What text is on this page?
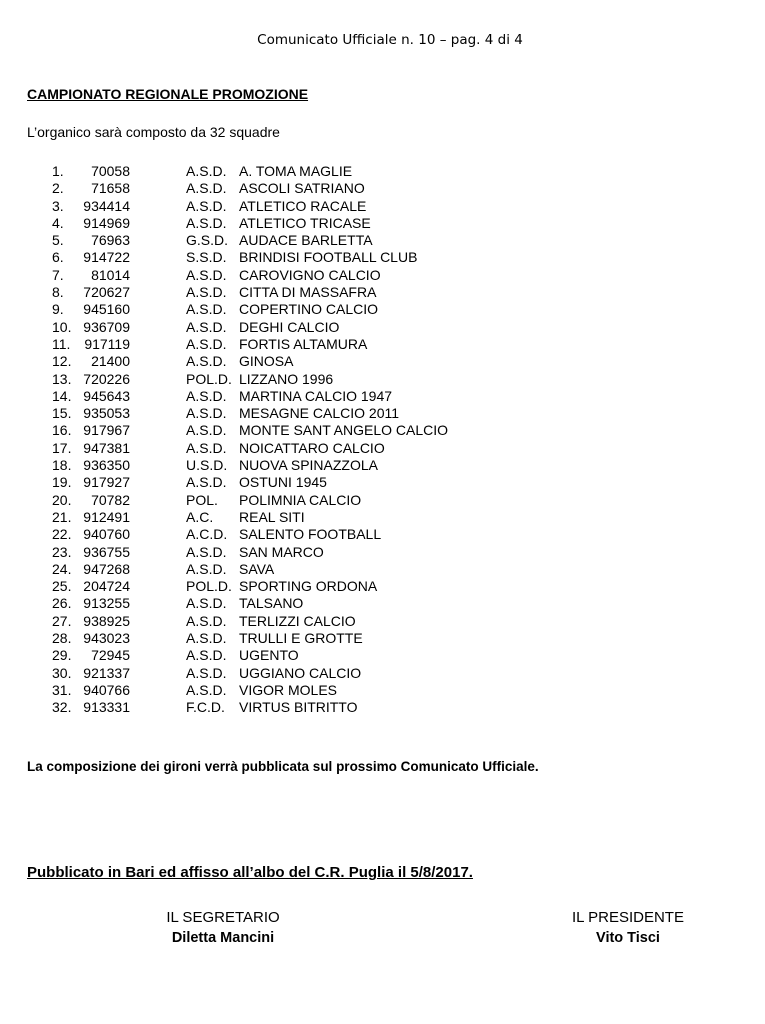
Comunicato Ufficiale n. 10 – pag. 4 di 4
CAMPIONATO REGIONALE PROMOZIONE
L’organico sarà composto da 32 squadre
1.	70058	A.S.D. A. TOMA MAGLIE
2.	71658	A.S.D. ASCOLI SATRIANO
3.	934414	A.S.D. ATLETICO RACALE
4.	914969	A.S.D. ATLETICO TRICASE
5.	76963	G.S.D. AUDACE BARLETTA
6.	914722	S.S.D. BRINDISI FOOTBALL CLUB
7.	81014	A.S.D. CAROVIGNO CALCIO
8.	720627	A.S.D. CITTA DI MASSAFRA
9.	945160	A.S.D. COPERTINO CALCIO
10. 936709	A.S.D. DEGHI CALCIO
11. 917119	A.S.D. FORTIS ALTAMURA
12.	21400	A.S.D. GINOSA
13. 720226	POL.D. LIZZANO 1996
14. 945643	A.S.D. MARTINA CALCIO 1947
15. 935053	A.S.D. MESAGNE CALCIO 2011
16. 917967	A.S.D. MONTE SANT ANGELO CALCIO
17. 947381	A.S.D. NOICATTARO CALCIO
18. 936350	U.S.D. NUOVA SPINAZZOLA
19. 917927	A.S.D. OSTUNI 1945
20.	70782	POL. POLIMNIA CALCIO
21. 912491	A.C. REAL SITI
22. 940760	A.C.D. SALENTO FOOTBALL
23. 936755	A.S.D. SAN MARCO
24. 947268	A.S.D. SAVA
25. 204724	POL.D. SPORTING ORDONA
26. 913255	A.S.D. TALSANO
27. 938925	A.S.D. TERLIZZI CALCIO
28. 943023	A.S.D. TRULLI E GROTTE
29.	72945	A.S.D. UGENTO
30. 921337	A.S.D. UGGIANO CALCIO
31. 940766	A.S.D. VIGOR MOLES
32. 913331	F.C.D. VIRTUS BITRITTO
La composizione dei gironi verrà pubblicata sul prossimo Comunicato Ufficiale.
Pubblicato in Bari ed affisso all’albo del C.R. Puglia il 5/8/2017.
IL SEGRETARIO
Diletta Mancini
IL PRESIDENTE
Vito Tisci
